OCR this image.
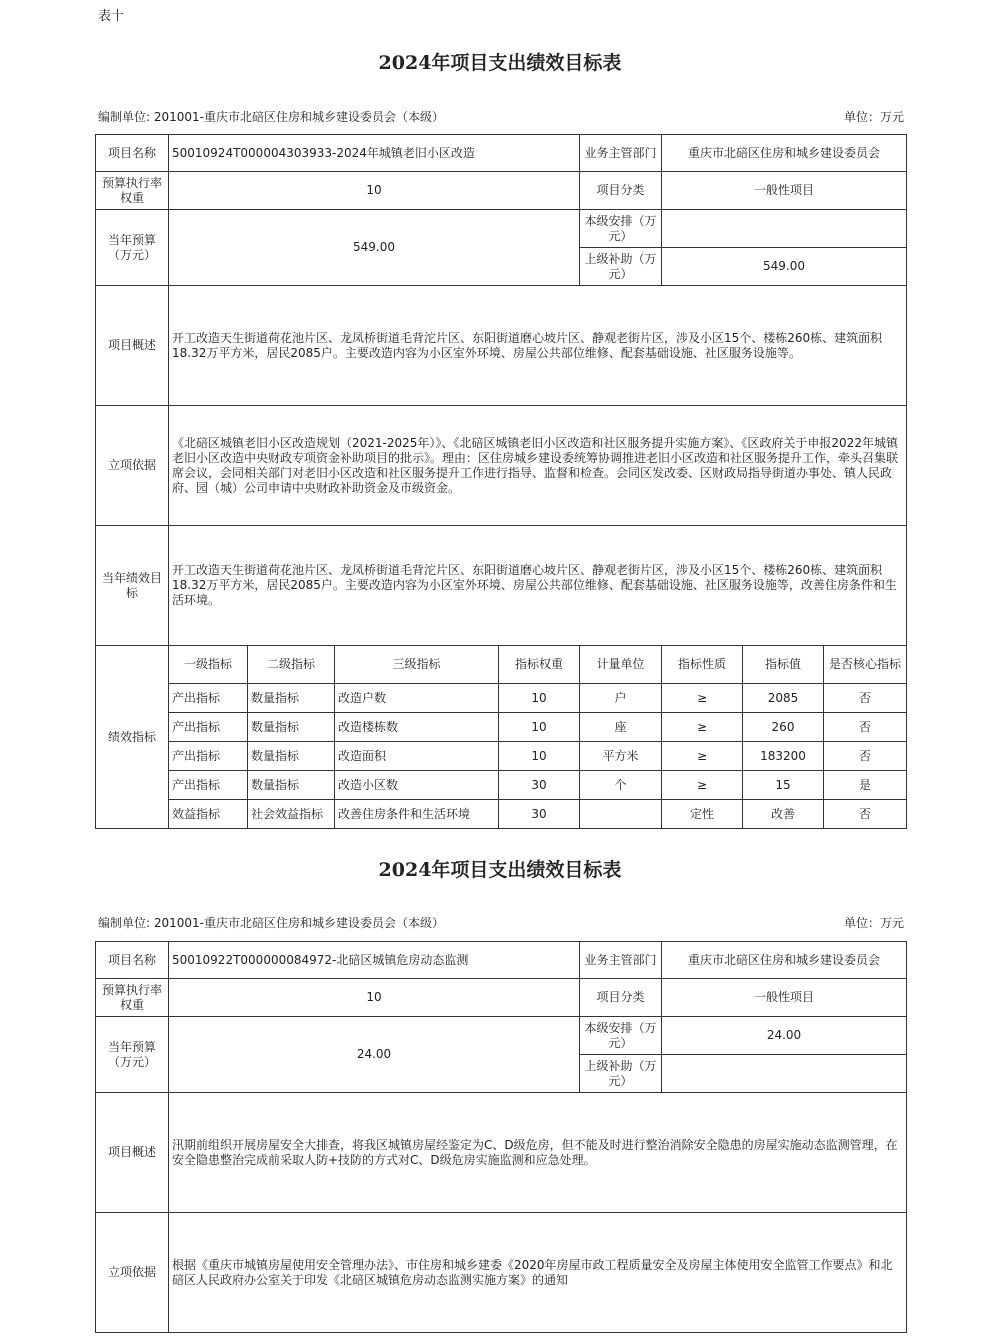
表十
2024年项目支出绩效目标表
编制单位: 201001-重庆市北碚区住房和城乡建设委员会（本级）	单位：万元
项目名称	50010924T000004303933-2024年城镇老旧小区改造				业务主管部门	重庆市北碚区住房和城乡建设委员会		
预算执行率权重	10				项目分类	一般性项目		
当年预算（万元）	549.00				本级安排（万元）			
					上级补助（万元）	549.00		
项目概述	开工改造天生街道荷花池片区、龙凤桥街道毛背沱片区、东阳街道磨心坡片区、静观老街片区，涉及小区15个、楼栋260栋、建筑面积18.32万平方米，居民2085户。主要改造内容为小区室外环境、房屋公共部位维修、配套基础设施、社区服务设施等。							
立项依据	《北碚区城镇老旧小区改造规划（2021-2025年）》、《北碚区城镇老旧小区改造和社区服务提升实施方案》、《区政府关于申报2022年城镇老旧小区改造中央财政专项资金补助项目的批示》。理由：区住房城乡建设委统筹协调推进老旧小区改造和社区服务提升工作，牵头召集联席会议，会同相关部门对老旧小区改造和社区服务提升工作进行指导、监督和检查。会同区发改委、区财政局指导街道办事处、镇人民政府、园（城）公司申请中央财政补助资金及市级资金。							
当年绩效目标	开工改造天生街道荷花池片区、龙凤桥街道毛背沱片区、东阳街道磨心坡片区、静观老街片区，涉及小区15个、楼栋260栋、建筑面积18.32万平方米，居民2085户。主要改造内容为小区室外环境、房屋公共部位维修、配套基础设施、社区服务设施等，改善住房条件和生活环境。							
绩效指标	一级指标	二级指标	三级指标	指标权重	计量单位	指标性质	指标值	是否核心指标
	产出指标	数量指标	改造户数	10	户	≥	2085	否
	产出指标	数量指标	改造楼栋数	10	座	≥	260	否
	产出指标	数量指标	改造面积	10	平方米	≥	183200	否
	产出指标	数量指标	改造小区数	30	个	≥	15	是
	效益指标	社会效益指标	改善住房条件和生活环境	30		定性	改善	否
2024年项目支出绩效目标表
编制单位: 201001-重庆市北碚区住房和城乡建设委员会（本级）	单位：万元
项目名称	50010922T000000084972-北碚区城镇危房动态监测	业务主管部门	重庆市北碚区住房和城乡建设委员会
预算执行率权重	10	项目分类	一般性项目
当年预算（万元）	24.00	本级安排（万元）	24.00
		上级补助（万元）	
项目概述	汛期前组织开展房屋安全大排查，将我区城镇房屋经鉴定为C、D级危房，但不能及时进行整治消除安全隐患的房屋实施动态监测管理，在安全隐患整治完成前采取人防+技防的方式对C、D级危房实施监测和应急处理。		
立项依据	根据《重庆市城镇房屋使用安全管理办法》、市住房和城乡建委《2020年房屋市政工程质量安全及房屋主体使用安全监管工作要点》和北碚区人民政府办公室关于印发《北碚区城镇危房动态监测实施方案》的通知		
